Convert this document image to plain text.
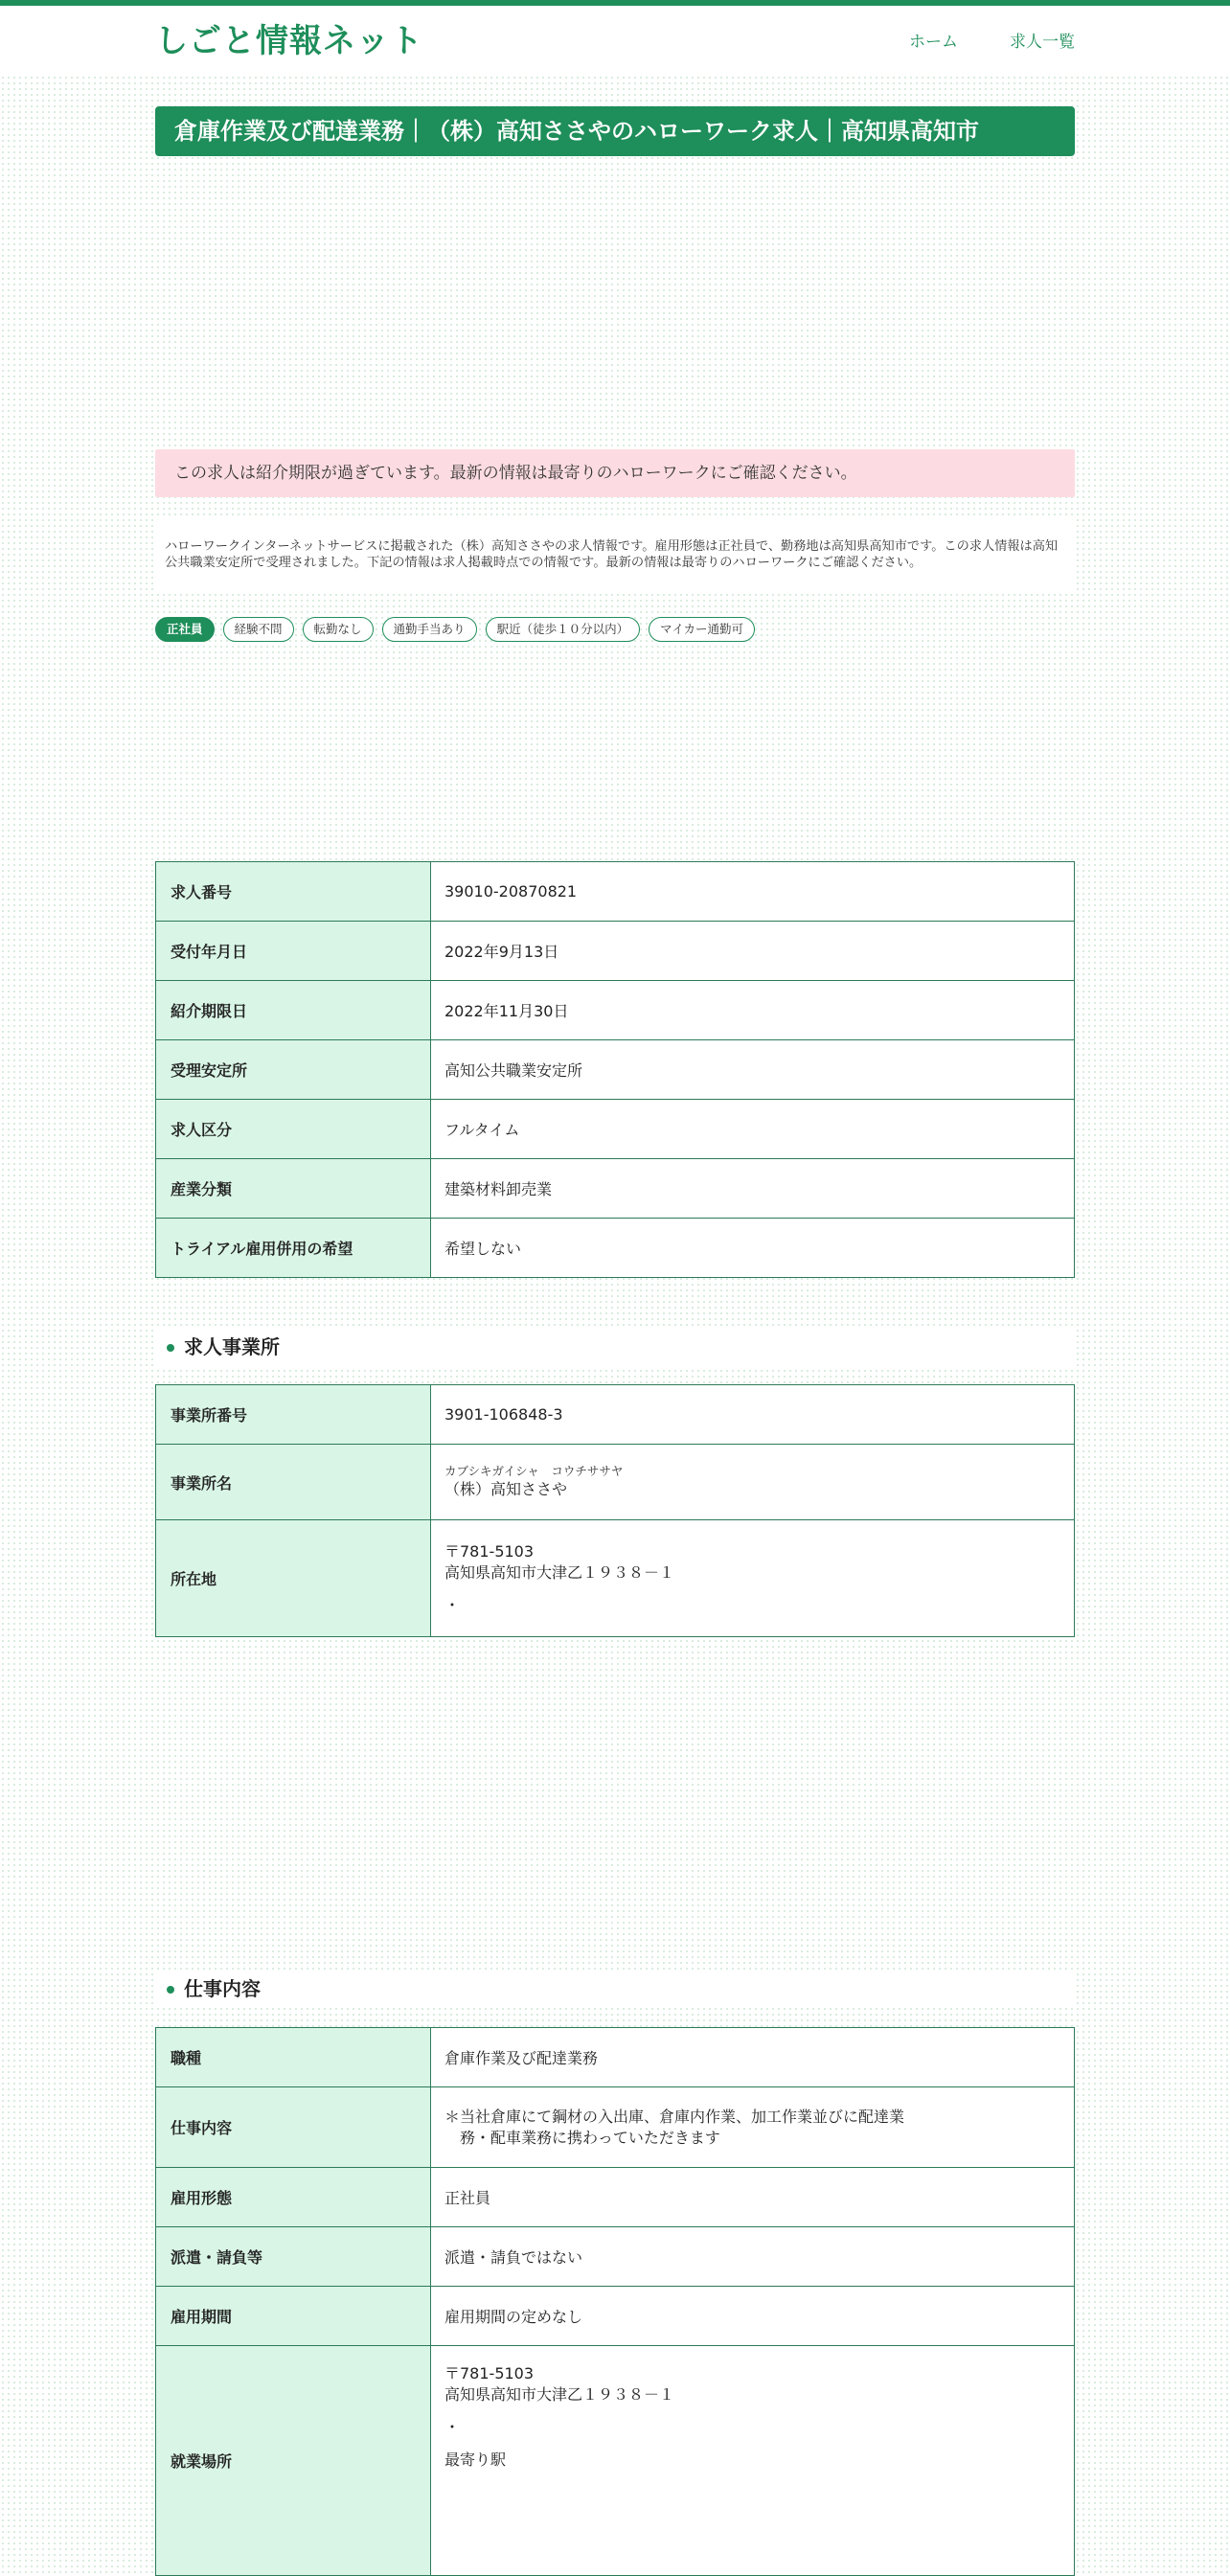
しごと情報ネット	ホーム	求人一覧
倉庫作業及び配達業務｜（株）高知ささやのハローワーク求人｜高知県高知市
この求人は紹介期限が過ぎています。最新の情報は最寄りのハローワークにご確認ください。
ハローワークインターネットサービスに掲載された（株）高知ささやの求人情報です。雇用形態は正社員で、勤務地は高知県高知市です。この求人情報は高知公共職業安定所で受理されました。下記の情報は求人掲載時点での情報です。最新の情報は最寄りのハローワークにご確認ください。
正社員	経験不問	転勤なし	通勤手当あり	駅近（徒歩１０分以内）	マイカー通勤可
求人番号	39010-20870821
受付年月日	2022年9月13日
紹介期限日	2022年11月30日
受理安定所	高知公共職業安定所
求人区分	フルタイム
産業分類	建築材料卸売業
トライアル雇用併用の希望	希望しない
求人事業所
事業所番号	3901-106848-3
事業所名	カブシキガイシャ　コウチササヤ
（株）高知ささや

所在地	〒781-5103
高知県高知市大津乙１９３８－１
・
仕事内容
職種	倉庫作業及び配達業務
仕事内容	＊当社倉庫にて鋼材の入出庫、倉庫内作業、加工作業並びに配達業
　務・配車業務に携わっていただきます

雇用形態	正社員
派遣・請負等	派遣・請負ではない
雇用期間	雇用期間の定めなし
就業場所	〒781-5103
高知県高知市大津乙１９３８－１
・
最寄り駅
